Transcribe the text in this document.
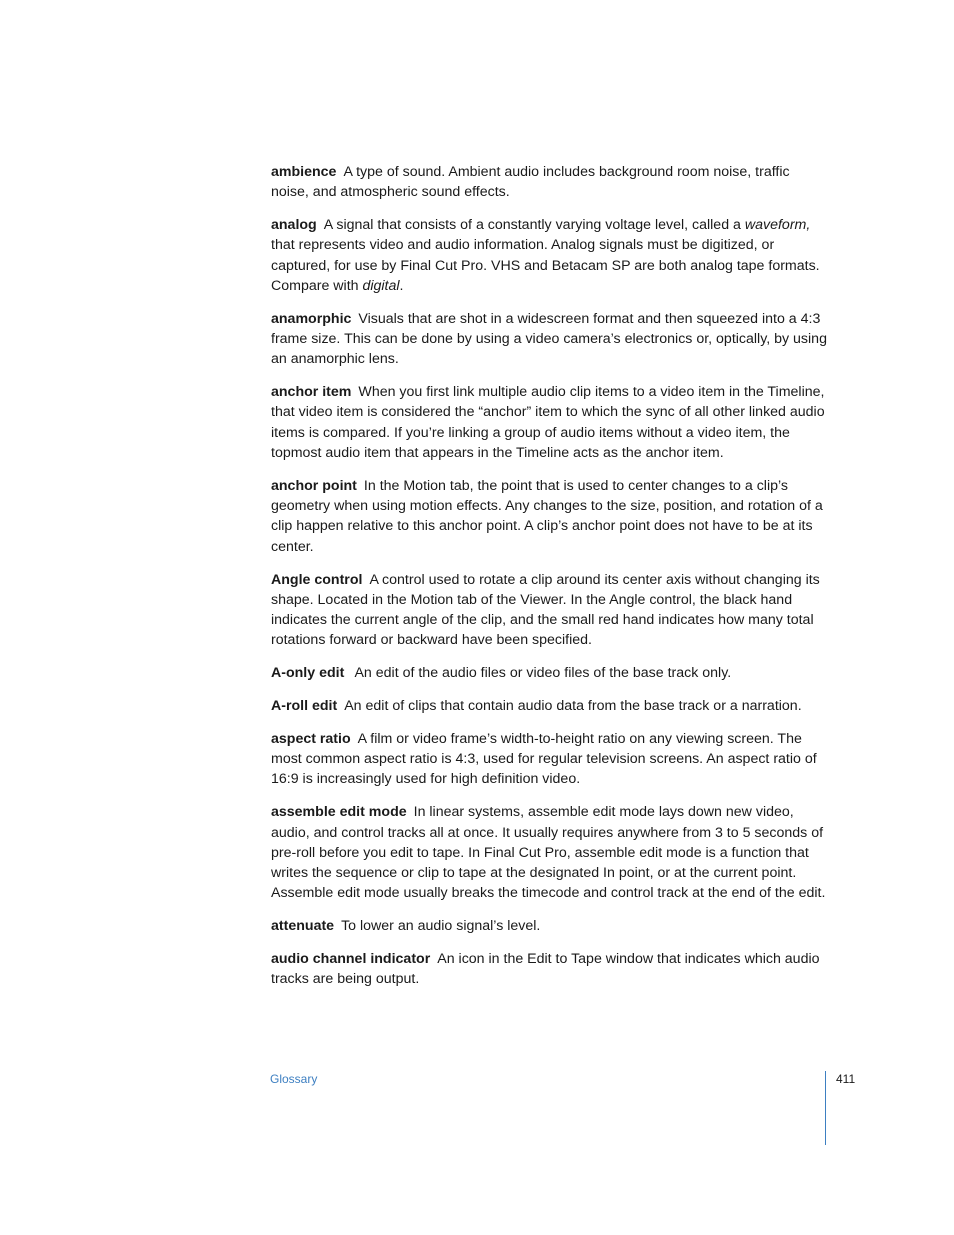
ambience A type of sound. Ambient audio includes background room noise, traffic noise, and atmospheric sound effects.

analog A signal that consists of a constantly varying voltage level, called a waveform, that represents video and audio information. Analog signals must be digitized, or captured, for use by Final Cut Pro. VHS and Betacam SP are both analog tape formats. Compare with digital.

anamorphic Visuals that are shot in a widescreen format and then squeezed into a 4:3 frame size. This can be done by using a video camera’s electronics or, optically, by using an anamorphic lens.

anchor item When you first link multiple audio clip items to a video item in the Timeline, that video item is considered the “anchor” item to which the sync of all other linked audio items is compared. If you’re linking a group of audio items without a video item, the topmost audio item that appears in the Timeline acts as the anchor item.

anchor point In the Motion tab, the point that is used to center changes to a clip’s geometry when using motion effects. Any changes to the size, position, and rotation of a clip happen relative to this anchor point. A clip’s anchor point does not have to be at its center.

Angle control A control used to rotate a clip around its center axis without changing its shape. Located in the Motion tab of the Viewer. In the Angle control, the black hand indicates the current angle of the clip, and the small red hand indicates how many total rotations forward or backward have been specified.

A-only edit An edit of the audio files or video files of the base track only.

A-roll edit An edit of clips that contain audio data from the base track or a narration.

aspect ratio A film or video frame’s width-to-height ratio on any viewing screen. The most common aspect ratio is 4:3, used for regular television screens. An aspect ratio of 16:9 is increasingly used for high definition video.

assemble edit mode In linear systems, assemble edit mode lays down new video, audio, and control tracks all at once. It usually requires anywhere from 3 to 5 seconds of pre-roll before you edit to tape. In Final Cut Pro, assemble edit mode is a function that writes the sequence or clip to tape at the designated In point, or at the current point. Assemble edit mode usually breaks the timecode and control track at the end of the edit.

attenuate To lower an audio signal’s level.

audio channel indicator An icon in the Edit to Tape window that indicates which audio tracks are being output.

Glossary	411
